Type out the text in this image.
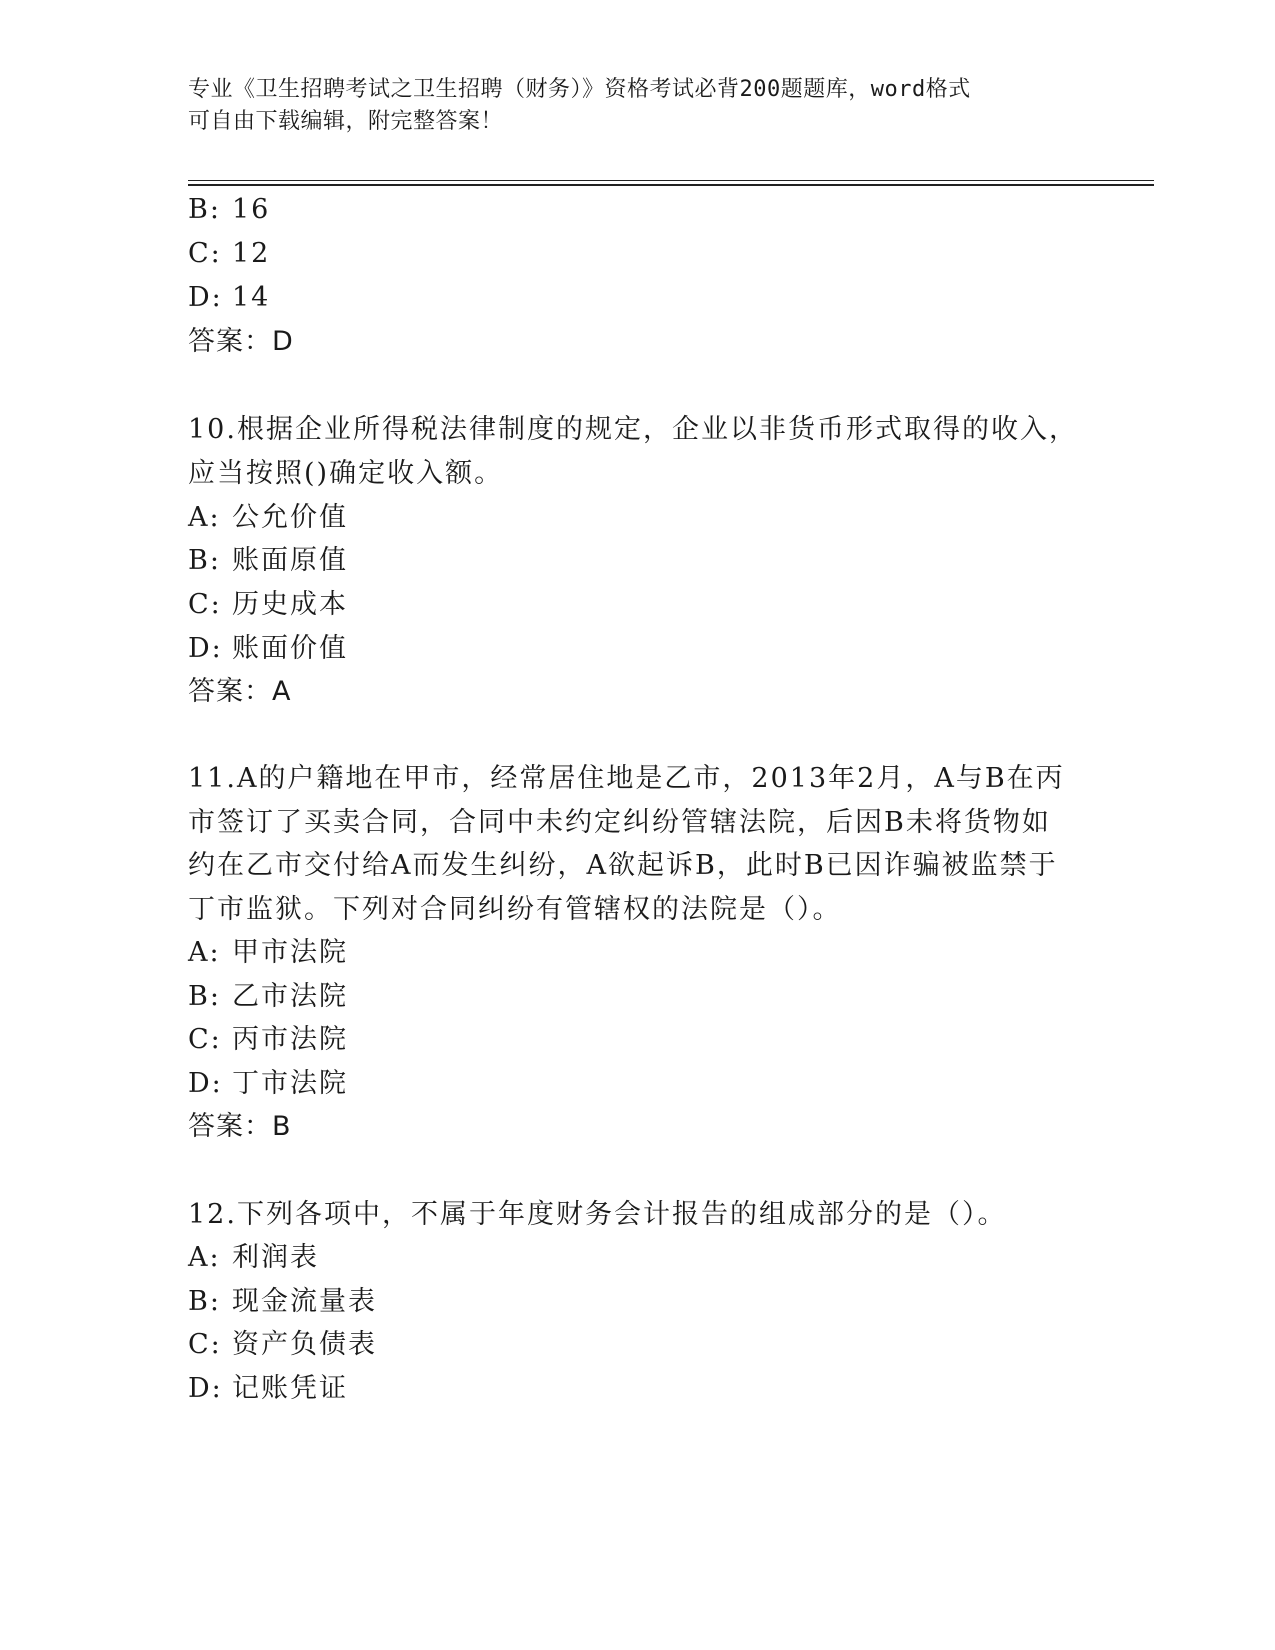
专业《卫生招聘考试之卫生招聘（财务）》资格考试必背200题题库，word格式
可自由下载编辑，附完整答案！
B: 16
C: 12
D: 14
答案：D
10.根据企业所得税法律制度的规定，企业以非货币形式取得的收入，
应当按照()确定收入额。
A: 公允价值
B: 账面原值
C: 历史成本
D: 账面价值
答案：A
11.A的户籍地在甲市，经常居住地是乙市，2013年2月，A与B在丙
市签订了买卖合同，合同中未约定纠纷管辖法院，后因B未将货物如
约在乙市交付给A而发生纠纷，A欲起诉B，此时B已因诈骗被监禁于
丁市监狱。下列对合同纠纷有管辖权的法院是（）。
A: 甲市法院
B: 乙市法院
C: 丙市法院
D: 丁市法院
答案：B
12.下列各项中，不属于年度财务会计报告的组成部分的是（）。
A: 利润表
B: 现金流量表
C: 资产负债表
D: 记账凭证
